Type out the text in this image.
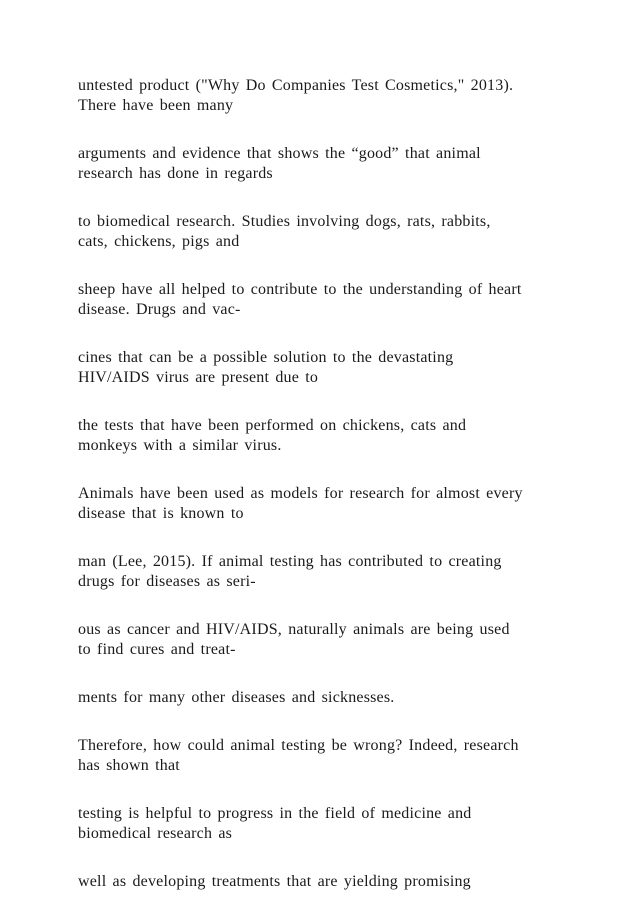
untested product ("Why Do Companies Test Cosmetics," 2013).
There have been many

arguments and evidence that shows the “good” that animal
research has done in regards

to biomedical research. Studies involving dogs, rats, rabbits,
cats, chickens, pigs and

sheep have all helped to contribute to the understanding of heart
disease. Drugs and vac-

cines that can be a possible solution to the devastating
HIV/AIDS virus are present due to

the tests that have been performed on chickens, cats and
monkeys with a similar virus.

Animals have been used as models for research for almost every
disease that is known to

man (Lee, 2015). If animal testing has contributed to creating
drugs for diseases as seri-

ous as cancer and HIV/AIDS, naturally animals are being used
to find cures and treat-

ments for many other diseases and sicknesses.

Therefore, how could animal testing be wrong? Indeed, research
has shown that

testing is helpful to progress in the field of medicine and
biomedical research as

well as developing treatments that are yielding promising
